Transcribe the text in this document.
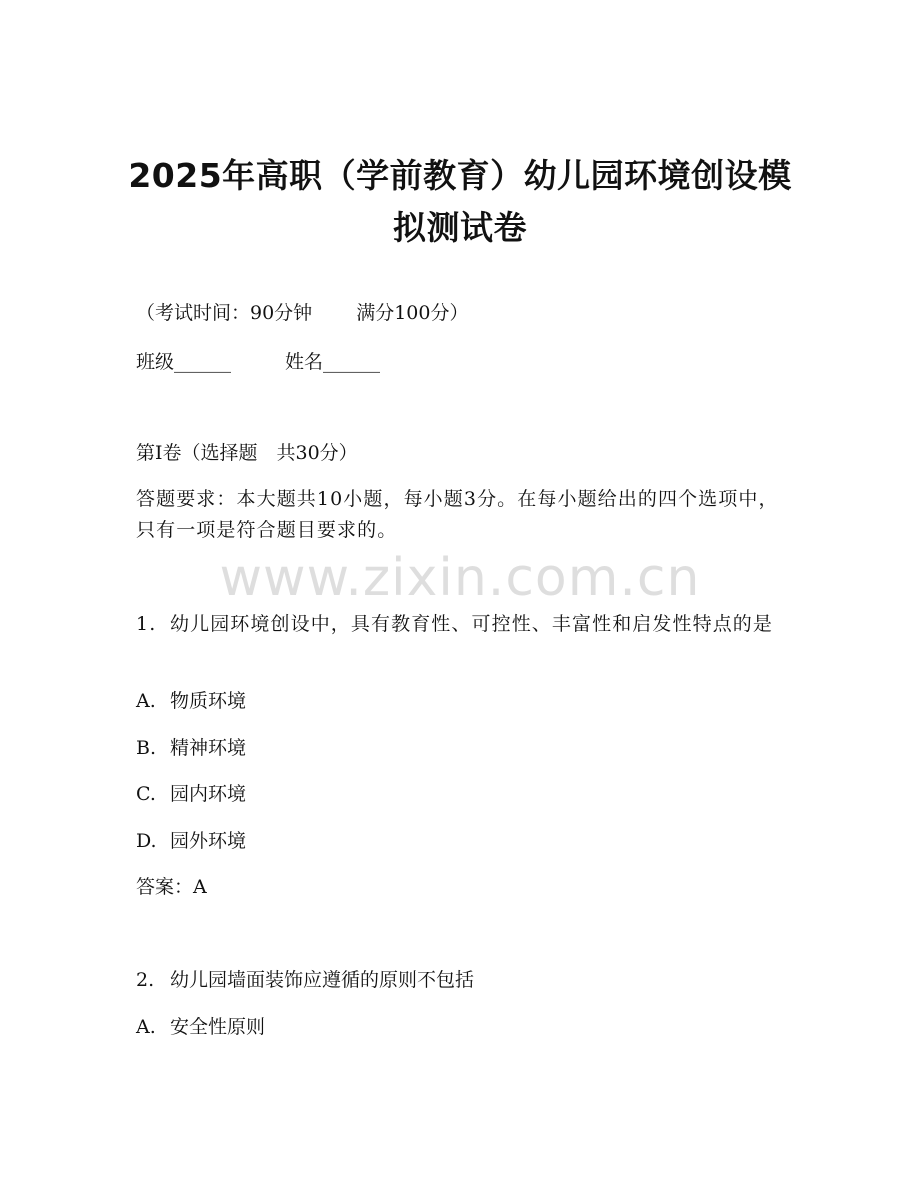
2025年高职（学前教育）幼儿园环境创设模
拟测试卷
（考试时间：90分钟 满分100分）
班级______	姓名______
第I卷（选择题　共30分）
答题要求：本大题共10小题，每小题3分。在每小题给出的四个选项中，只有一项是符合题目要求的。
www.zixin.com.cn
1. 幼儿园环境创设中，具有教育性、可控性、丰富性和启发性特点的是
A. 物质环境
B. 精神环境
C. 园内环境
D. 园外环境
答案：A
2. 幼儿园墙面装饰应遵循的原则不包括
A. 安全性原则
